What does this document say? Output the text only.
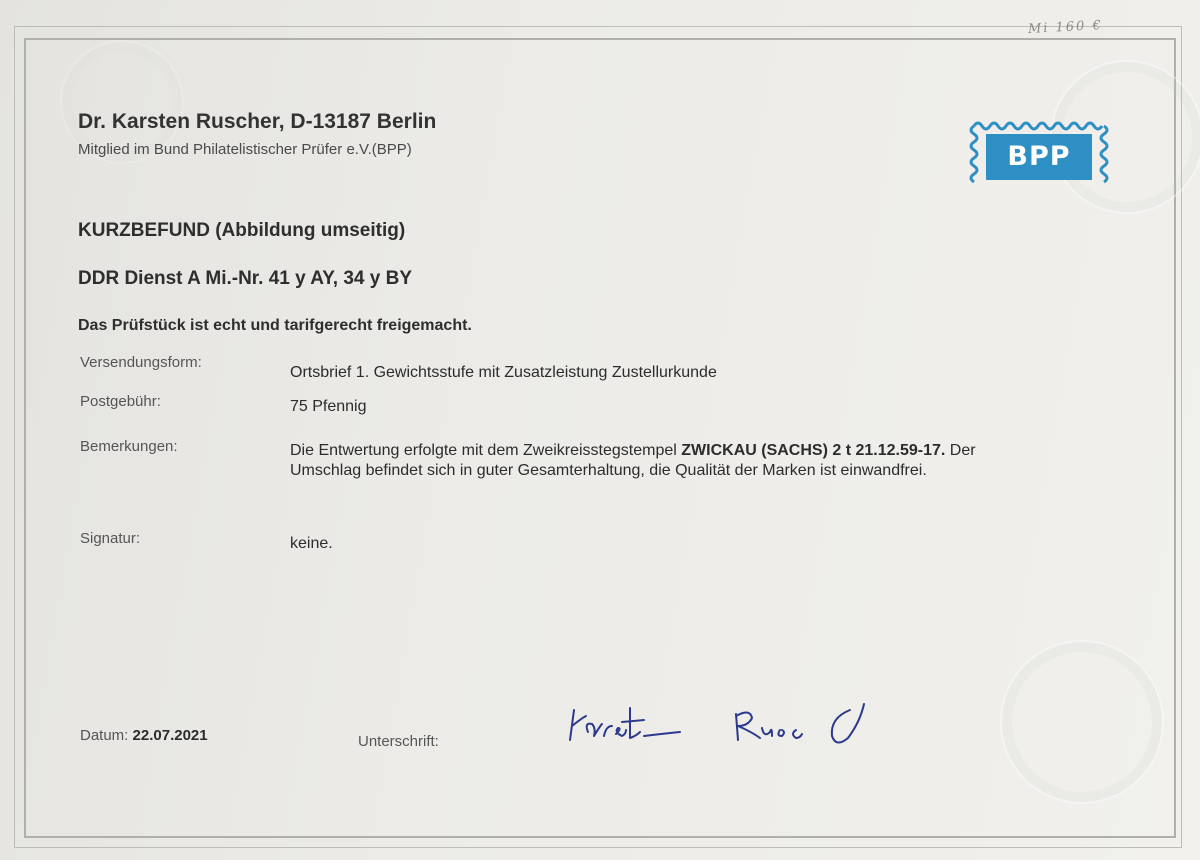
Mi 160 €
Dr. Karsten Ruscher, D-13187 Berlin
Mitglied im Bund Philatelistischer Prüfer e.V.(BPP)	BPP
KURZBEFUND (Abbildung umseitig)
DDR Dienst A Mi.-Nr. 41 y AY, 34 y BY
Das Prüfstück ist echt und tarifgerecht freigemacht.
Versendungsform:
Ortsbrief 1. Gewichtsstufe mit Zusatzleistung Zustellurkunde
Postgebühr:	75 Pfennig
Bemerkungen:	Die Entwertung erfolgte mit dem Zweikreisstegstempel ZWICKAU (SACHS) 2 t 21.12.59-17. Der Umschlag befindet sich in guter Gesamterhaltung, die Qualität der Marken ist einwandfrei.
Signatur:	keine.
Datum: 22.07.2021	Unterschrift:
